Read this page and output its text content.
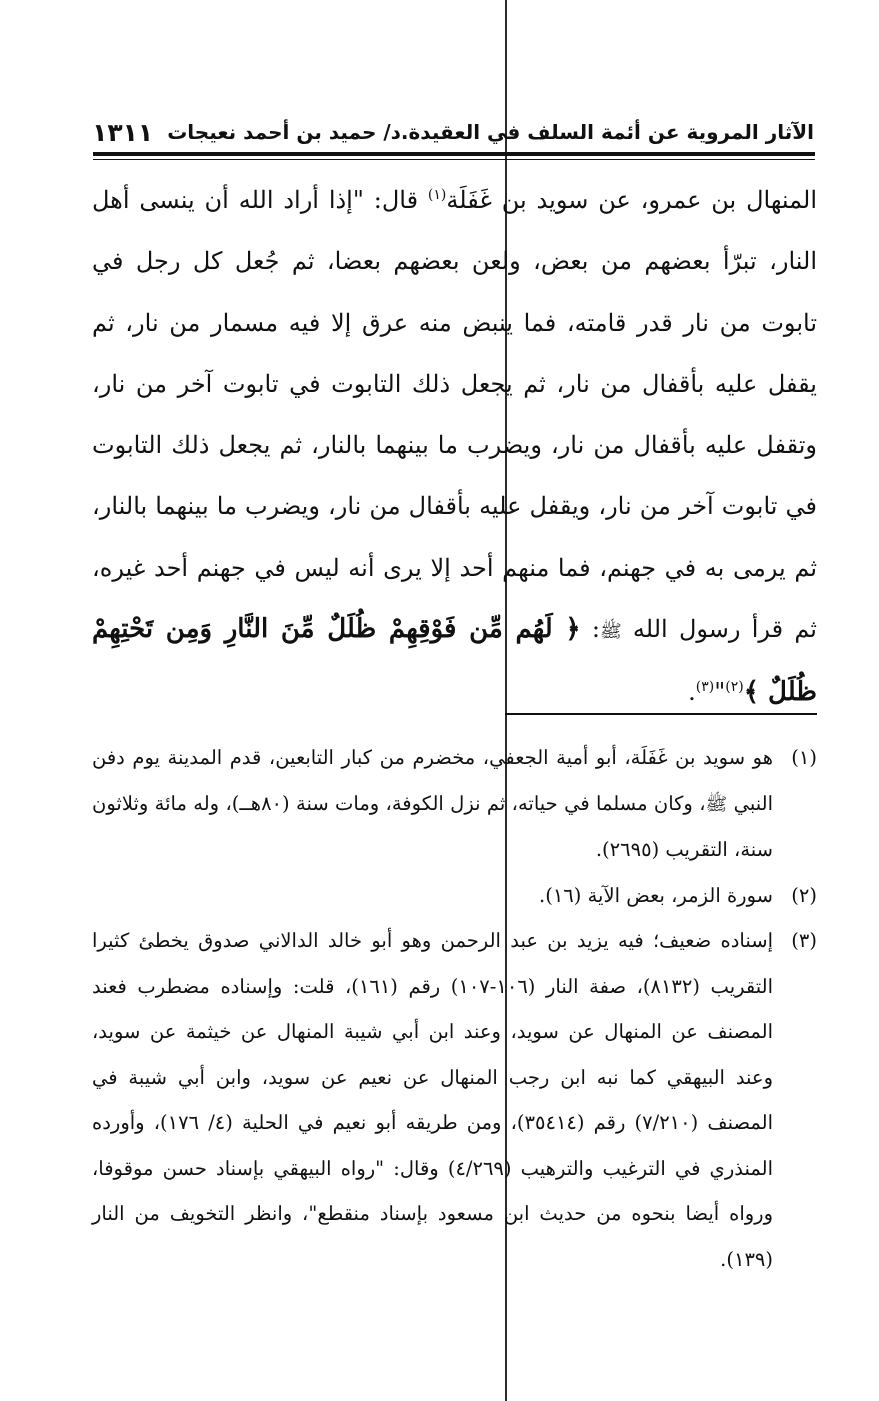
الآثار المروية عن أئمة السلف في العقيدة.د/ حميد بن أحمد نعيجات
١٣١١

المنهال بن عمرو، عن سويد بن غَفَلَة$^{(١)}$ قال: "إذا أراد الله أن ينسى أهل النار، تبرّأ بعضهم من بعض، ولعن بعضهم بعضا، ثم جُعل كل رجل في تابوت من نار قدر قامته، فما ينبض منه عرق إلا فيه مسمار من نار، ثم يقفل عليه بأقفال من نار، ثم يجعل ذلك التابوت في تابوت آخر من نار، وتقفل عليه بأقفال من نار، ويضرب ما بينهما بالنار، ثم يجعل ذلك التابوت في تابوت آخر من نار، ويقفل عليه بأقفال من نار، ويضرب ما بينهما بالنار، ثم يرمى به في جهنم، فما منهم أحد إلا يرى أنه ليس في جهنم أحد غيره، ثم قرأ رسول الله ﷺ: ﴿ لَهُم مِّن فَوْقِهِمْ ظُلَلٌ مِّنَ النَّارِ وَمِن تَحْتِهِمْ ظُلَلٌ ﴾$^{(٢)}$"$^{(٣)}$.

(١)
هو سويد بن غَفَلَة، أبو أمية الجعفي، مخضرم من كبار التابعين، قدم المدينة يوم دفن النبي ﷺ، وكان مسلما في حياته، ثم نزل الكوفة، ومات سنة (٨٠هــ)، وله مائة وثلاثون سنة، التقريب (٢٦٩٥).
(٢)
سورة الزمر، بعض الآية (١٦).
(٣)
إسناده ضعيف؛ فيه يزيد بن عبد الرحمن وهو أبو خالد الدالاني صدوق يخطئ كثيرا التقريب (٨١٣٢)، صفة النار (١٠٦-١٠٧) رقم (١٦١)، قلت: وإسناده مضطرب فعند المصنف عن المنهال عن سويد، وعند ابن أبي شيبة المنهال عن خيثمة عن سويد، وعند البيهقي كما نبه ابن رجب المنهال عن نعيم عن سويد، وابن أبي شيبة في المصنف (٧/٢١٠) رقم (٣٥٤١٤)، ومن طريقه أبو نعيم في الحلية (٤/ ١٧٦)، وأورده المنذري في الترغيب والترهيب (٤/٢٦٩) وقال: "رواه البيهقي بإسناد حسن موقوفا، ورواه أيضا بنحوه من حديث ابن مسعود بإسناد منقطع"، وانظر التخويف من النار (١٣٩).
